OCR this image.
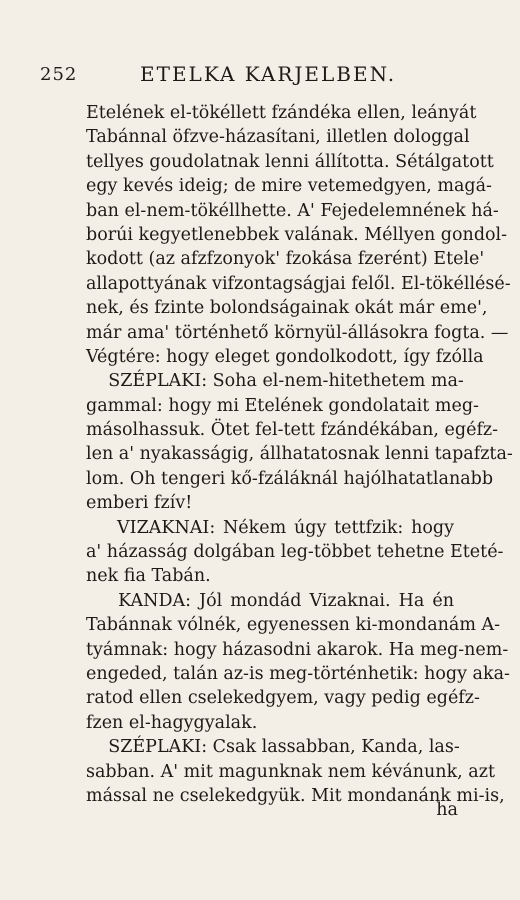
252	ETELKA KARJELBEN.
Etelének el-tökéllett fzándéka ellen, leányát
Tabánnal öfzve-házasítani, illetlen dologgal
tellyes goudolatnak lenni állította. Sétálgatott
egy kevés ideig; de mire vetemedgyen, magá-
ban el-nem-tökéllhette. A' Fejedelemnének há-
borúi kegyetlenebbek valának. Méllyen gondol-
kodott (az afzfzonyok' fzokása fzerént) Etele'
allapottyának vifzontagságjai felől. El-tökéllésé-
nek, és fzinte bolondságainak okát már eme',
már ama' történhető környül-állásokra fogta. —
Végtére: hogy eleget gondolkodott, így fzólla
SZÉPLAKI: Soha el-nem-hitethetem ma-
gammal: hogy mi Etelének gondolatait meg-
másolhassuk. Ötet fel-tett fzándékában, egéfz-
len a' nyakasságig, állhatatosnak lenni tapafzta-
lom. Oh tengeri kő-fzáláknál hajólhatatlanabb
emberi fzív!
VIZAKNAI: Nékem úgy tettfzik: hogy
a' házasság dolgában leg-többet tehetne Eteté-
nek fia Tabán.
KANDA: Jól mondád Vizaknai. Ha én
Tabánnak vólnék, egyenessen ki-mondanám A-
tyámnak: hogy házasodni akarok. Ha meg-nem-
engeded, talán az-is meg-történhetik: hogy aka-
ratod ellen cselekedgyem, vagy pedig egéfz-
fzen el-hagygyalak.
SZÉPLAKI: Csak lassabban, Kanda, las-
sabban. A' mit magunknak nem kévánunk, azt
mással ne cselekedgyük. Mit mondanánk mi-is,
ha
